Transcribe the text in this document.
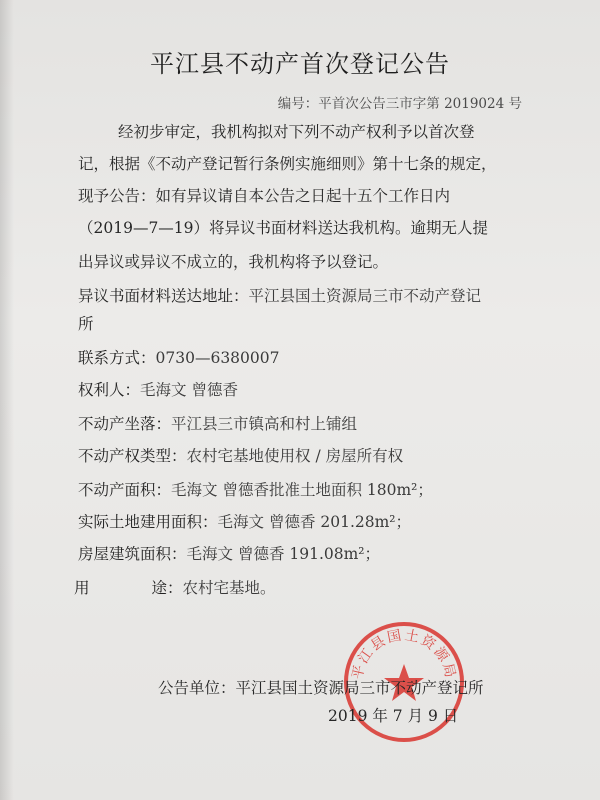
平江县不动产首次登记公告
编号：平首次公告三市字第 2019024 号
经初步审定，我机构拟对下列不动产权利予以首次登
记，根据《不动产登记暂行条例实施细则》第十七条的规定，
现予公告：如有异议请自本公告之日起十五个工作日内
（2019—7—19）将异议书面材料送达我机构。逾期无人提
出异议或异议不成立的，我机构将予以登记。
异议书面材料送达地址：平江县国土资源局三市不动产登记
所
联系方式：0730—6380007
权利人：毛海文 曾德香
不动产坐落：平江县三市镇高和村上铺组
不动产权类型：农村宅基地使用权 / 房屋所有权
不动产面积：毛海文 曾德香批准土地面积 180m²；
实际土地建用面积：毛海文 曾德香 201.28m²；
房屋建筑面积：毛海文 曾德香 191.08m²；
用	途：农村宅基地。
平江县国土资源局
公告单位：平江县国土资源局三市不动产登记所
2019 年 7 月 9 日
